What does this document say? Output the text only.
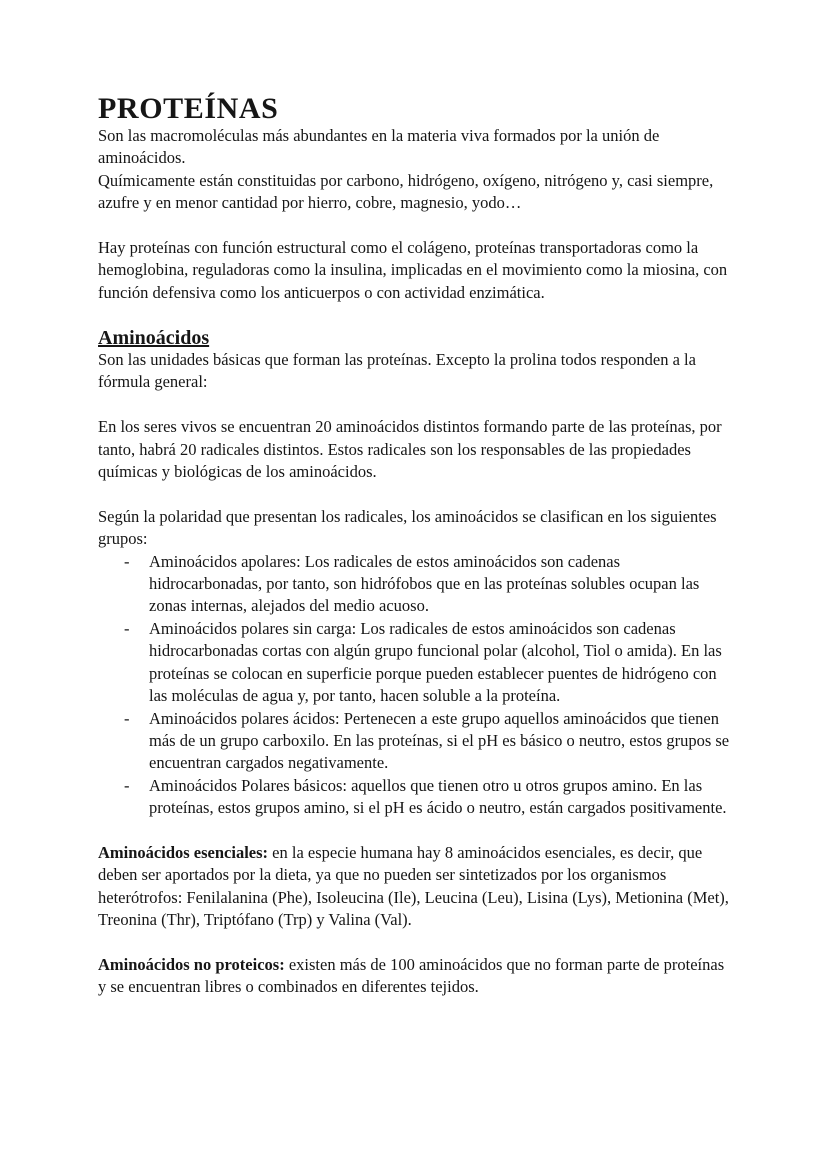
PROTEÍNAS

Son las macromoléculas más abundantes en la materia viva formados por la unión de aminoácidos.

Químicamente están constituidas por carbono, hidrógeno, oxígeno, nitrógeno y, casi siempre, azufre y en menor cantidad por hierro, cobre, magnesio, yodo…

Hay proteínas con función estructural como el colágeno, proteínas transportadoras como la hemoglobina, reguladoras como la insulina, implicadas en el movimiento como la miosina, con función defensiva como los anticuerpos o con actividad enzimática.

Aminoácidos

Son las unidades básicas que forman las proteínas. Excepto la prolina todos responden a la fórmula general:

En los seres vivos se encuentran 20 aminoácidos distintos formando parte de las proteínas, por tanto, habrá 20 radicales distintos. Estos radicales son los responsables de las propiedades químicas y biológicas de los aminoácidos.

Según la polaridad que presentan los radicales, los aminoácidos se clasifican en los siguientes grupos:

- Aminoácidos apolares: Los radicales de estos aminoácidos son cadenas hidrocarbonadas, por tanto, son hidrófobos que en las proteínas solubles ocupan las zonas internas, alejados del medio acuoso.
- Aminoácidos polares sin carga: Los radicales de estos aminoácidos son cadenas hidrocarbonadas cortas con algún grupo funcional polar (alcohol, Tiol o amida). En las proteínas se colocan en superficie porque pueden establecer puentes de hidrógeno con las moléculas de agua y, por tanto, hacen soluble a la proteína.
- Aminoácidos polares ácidos: Pertenecen a este grupo aquellos aminoácidos que tienen más de un grupo carboxilo. En las proteínas, si el pH es básico o neutro, estos grupos se encuentran cargados negativamente.
- Aminoácidos Polares básicos: aquellos que tienen otro u otros grupos amino. En las proteínas, estos grupos amino, si el pH es ácido o neutro, están cargados positivamente.

Aminoácidos esenciales: en la especie humana hay 8 aminoácidos esenciales, es decir, que deben ser aportados por la dieta, ya que no pueden ser sintetizados por los organismos heterótrofos: Fenilalanina (Phe), Isoleucina (Ile), Leucina (Leu), Lisina (Lys), Metionina (Met), Treonina (Thr), Triptófano (Trp) y Valina (Val).

Aminoácidos no proteicos: existen más de 100 aminoácidos que no forman parte de proteínas y se encuentran libres o combinados en diferentes tejidos.
